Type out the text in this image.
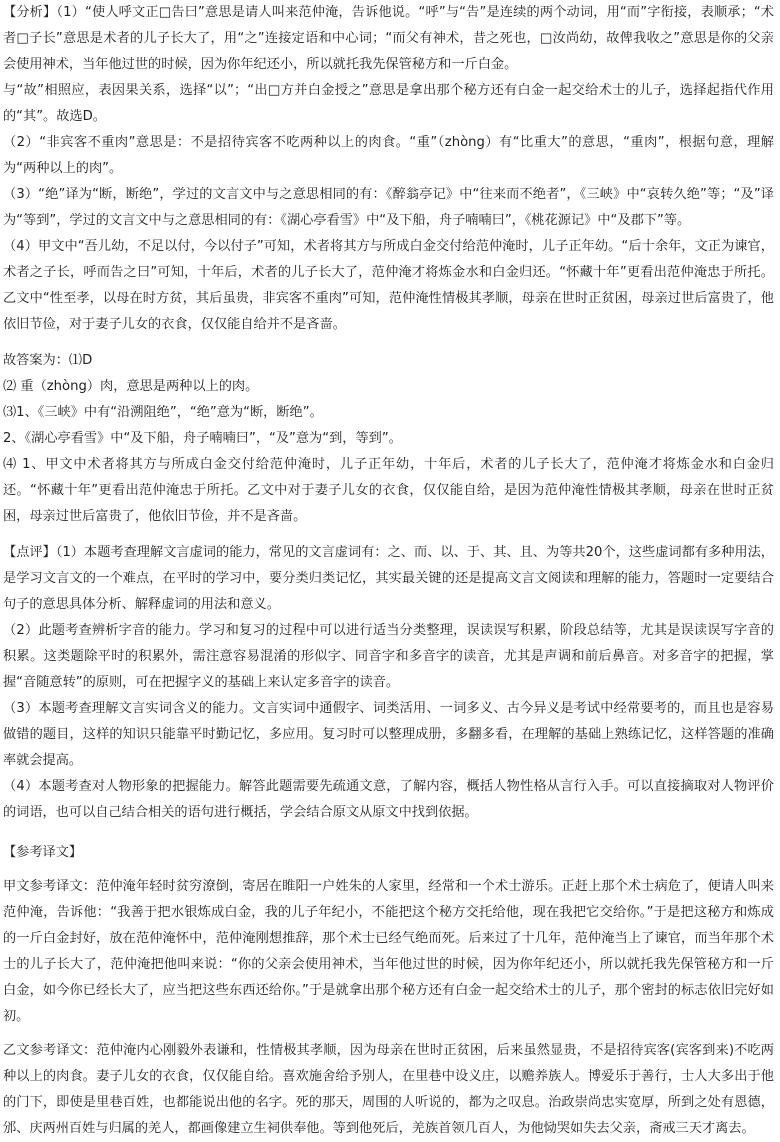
【分析】（1）“使人呼文正□告曰”意思是请人叫来范仲淹，告诉他说。“呼”与“告”是连续的两个动词，用“而”字衔接，表顺承；“术者□子长”意思是术者的儿子长大了，用“之”连接定语和中心词；“而父有神术，昔之死也，□汝尚幼，故俾我收之”意思是你的父亲会使用神术，当年他过世的时候，因为你年纪还小，所以就托我先保管秘方和一斤白金。

与“故”相照应，表因果关系，选择“以”；“出□方并白金授之”意思是拿出那个秘方还有白金一起交给术士的儿子，选择起指代作用的“其”。故选D。

（2）“非宾客不重肉”意思是：不是招待宾客不吃两种以上的肉食。“重”（zhòng）有“比重大”的意思，“重肉”，根据句意，理解为“两种以上的肉”。

（3）“绝”译为“断，断绝”，学过的文言文中与之意思相同的有：《醉翁亭记》中“往来而不绝者”，《三峡》中“哀转久绝”等；“及”译为“等到”，学过的文言文中与之意思相同的有：《湖心亭看雪》中“及下船，舟子喃喃曰”，《桃花源记》中“及郡下”等。

（4）甲文中“吾儿幼，不足以付，今以付子”可知，术者将其方与所成白金交付给范仲淹时，儿子正年幼。“后十余年，文正为谏官，术者之子长，呼而告之曰”可知，十年后，术者的儿子长大了，范仲淹才将炼金水和白金归还。“怀藏十年”更看出范仲淹忠于所托。乙文中“性至孝，以母在时方贫，其后虽贵，非宾客不重肉”可知，范仲淹性情极其孝顺，母亲在世时正贫困，母亲过世后富贵了，他依旧节俭，对于妻子儿女的衣食，仅仅能自给并不是吝啬。

故答案为：⑴D

⑵ 重（zhòng）肉，意思是两种以上的肉。

⑶1、《三峡》中有“沿溯阻绝”，“绝”意为“断，断绝”。

2、《湖心亭看雪》中“及下船，舟子喃喃曰”，“及”意为“到，等到”。

⑷ 1、甲文中术者将其方与所成白金交付给范仲淹时，儿子正年幼，十年后，术者的儿子长大了，范仲淹才将炼金水和白金归还。“怀藏十年”更看出范仲淹忠于所托。乙文中对于妻子儿女的衣食，仅仅能自给，是因为范仲淹性情极其孝顺，母亲在世时正贫困，母亲过世后富贵了，他依旧节俭，并不是吝啬。

【点评】（1）本题考查理解文言虚词的能力，常见的文言虚词有：之、而、以、于、其、且、为等共20个，这些虚词都有多种用法，是学习文言文的一个难点，在平时的学习中，要分类归类记忆，其实最关键的还是提高文言文阅读和理解的能力，答题时一定要结合句子的意思具体分析、解释虚词的用法和意义。

（2）此题考查辨析字音的能力。学习和复习的过程中可以进行适当分类整理，误读误写积累，阶段总结等，尤其是误读误写字音的积累。这类题除平时的积累外，需注意容易混淆的形似字、同音字和多音字的读音，尤其是声调和前后鼻音。对多音字的把握，掌握“音随意转”的原则，可在把握字义的基础上来认定多音字的读音。

（3）本题考查理解文言实词含义的能力。文言实词中通假字、词类活用、一词多义、古今异义是考试中经常要考的，而且也是容易做错的题目，这样的知识只能靠平时勤记忆，多应用。复习时可以整理成册，多翻多看，在理解的基础上熟练记忆，这样答题的准确率就会提高。

（4）本题考查对人物形象的把握能力。解答此题需要先疏通文意，了解内容，概括人物性格从言行入手。可以直接摘取对人物评价的词语，也可以自己结合相关的语句进行概括，学会结合原文从原文中找到依据。

【参考译文】

甲文参考译文：范仲淹年轻时贫穷潦倒，寄居在睢阳一户姓朱的人家里，经常和一个术士游乐。正赶上那个术士病危了，便请人叫来范仲淹，告诉他：“我善于把水银炼成白金，我的儿子年纪小，不能把这个秘方交托给他，现在我把它交给你。”于是把这秘方和炼成的一斤白金封好，放在范仲淹怀中，范仲淹刚想推辞，那个术士已经气绝而死。后来过了十几年，范仲淹当上了谏官，而当年那个术士的儿子长大了，范仲淹把他叫来说：“你的父亲会使用神术，当年他过世的时候，因为你年纪还小，所以就托我先保管秘方和一斤白金，如今你已经长大了，应当把这些东西还给你。”于是就拿出那个秘方还有白金一起交给术士的儿子，那个密封的标志依旧完好如初。

乙文参考译文：范仲淹内心刚毅外表谦和，性情极其孝顺，因为母亲在世时正贫困，后来虽然显贵，不是招待宾客(宾客到来)不吃两种以上的肉食。妻子儿女的衣食，仅仅能自给。喜欢施舍给予别人，在里巷中设义庄，以赡养族人。博爱乐于善行，士人大多出于他的门下，即使是里巷百姓，也都能说出他的名字。死的那天，周围的人听说的，都为之叹息。治政崇尚忠实宽厚，所到之处有恩德，邠、庆两州百姓与归属的羌人，都画像建立生祠供奉他。等到他死后，羌族首领几百人，为他恸哭如失去父亲，斋戒三天才离去。
